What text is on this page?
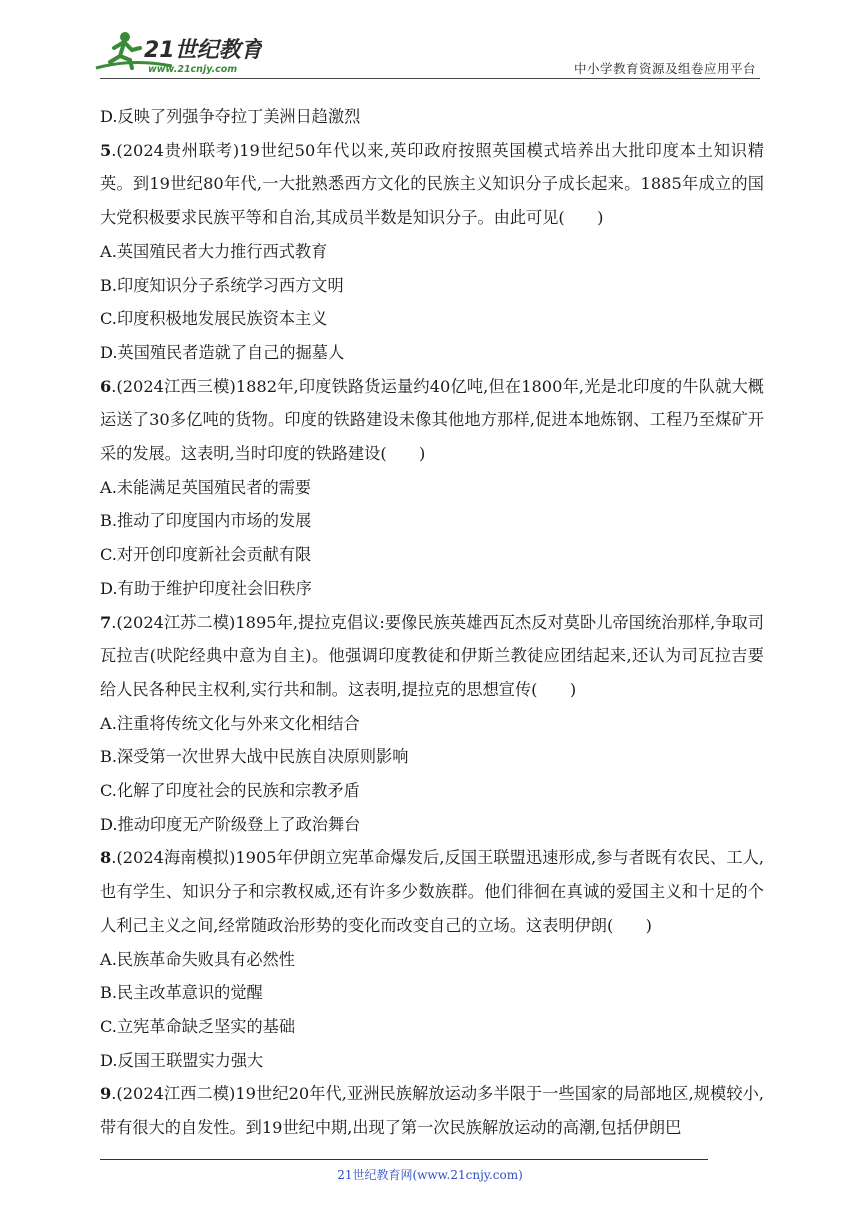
21世纪教育
www.21cnjy.com	中小学教育资源及组卷应用平台

D.反映了列强争夺拉丁美洲日趋激烈

5.(2024贵州联考)19世纪50年代以来,英印政府按照英国模式培养出大批印度本土知识精英。到19世纪80年代,一大批熟悉西方文化的民族主义知识分子成长起来。1885年成立的国大党积极要求民族平等和自治,其成员半数是知识分子。由此可见(　　)

A.英国殖民者大力推行西式教育

B.印度知识分子系统学习西方文明

C.印度积极地发展民族资本主义

D.英国殖民者造就了自己的掘墓人

6.(2024江西三模)1882年,印度铁路货运量约40亿吨,但在1800年,光是北印度的牛队就大概运送了30多亿吨的货物。印度的铁路建设未像其他地方那样,促进本地炼钢、工程乃至煤矿开采的发展。这表明,当时印度的铁路建设(　　)

A.未能满足英国殖民者的需要

B.推动了印度国内市场的发展

C.对开创印度新社会贡献有限

D.有助于维护印度社会旧秩序

7.(2024江苏二模)1895年,提拉克倡议:要像民族英雄西瓦杰反对莫卧儿帝国统治那样,争取司瓦拉吉(吠陀经典中意为自主)。他强调印度教徒和伊斯兰教徒应团结起来,还认为司瓦拉吉要给人民各种民主权利,实行共和制。这表明,提拉克的思想宣传(　　)

A.注重将传统文化与外来文化相结合

B.深受第一次世界大战中民族自决原则影响

C.化解了印度社会的民族和宗教矛盾

D.推动印度无产阶级登上了政治舞台

8.(2024海南模拟)1905年伊朗立宪革命爆发后,反国王联盟迅速形成,参与者既有农民、工人,也有学生、知识分子和宗教权威,还有许多少数族群。他们徘徊在真诚的爱国主义和十足的个人利己主义之间,经常随政治形势的变化而改变自己的立场。这表明伊朗(　　)

A.民族革命失败具有必然性

B.民主改革意识的觉醒

C.立宪革命缺乏坚实的基础

D.反国王联盟实力强大

9.(2024江西二模)19世纪20年代,亚洲民族解放运动多半限于一些国家的局部地区,规模较小,带有很大的自发性。到19世纪中期,出现了第一次民族解放运动的高潮,包括伊朗巴

21世纪教育网(www.21cnjy.com)
